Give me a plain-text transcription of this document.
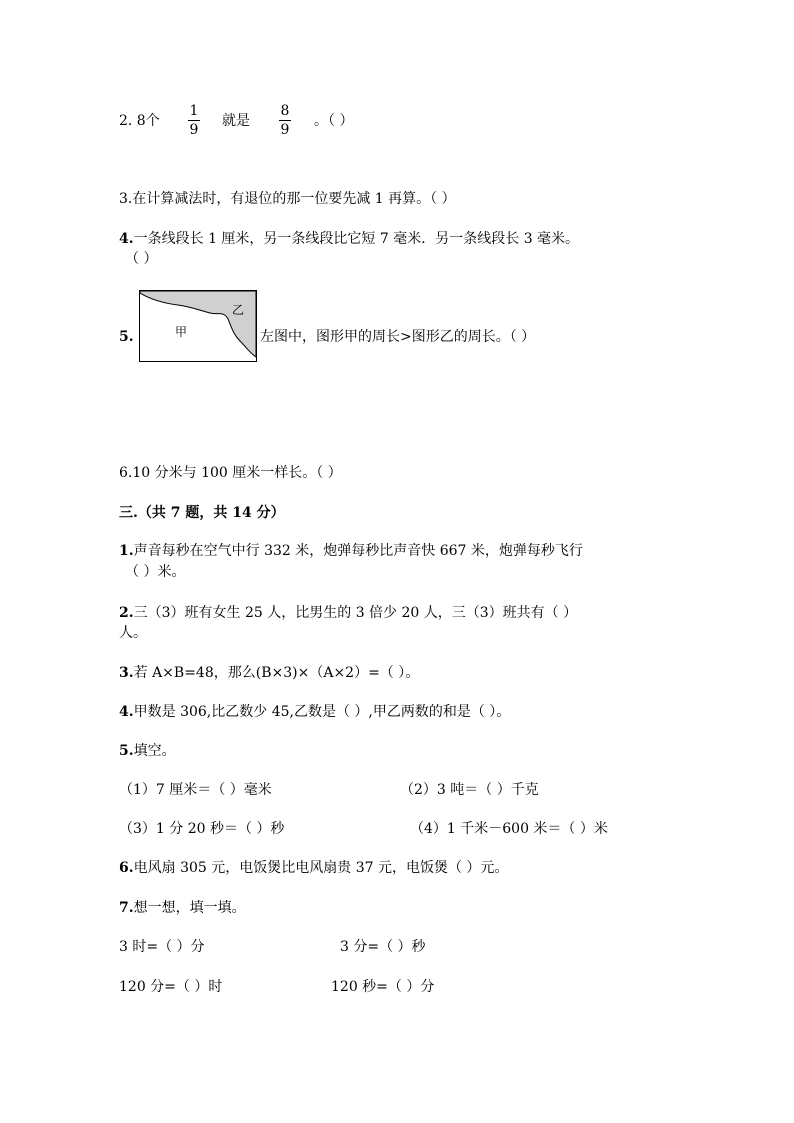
2. 8个
1
9
就是
8
9
。（ ）
3.在计算减法时，有退位的那一位要先减 1 再算。（ ）
4.一条线段长 1 厘米，另一条线段比它短 7 毫米．另一条线段长 3 毫米。
（ ）
5.	甲
乙
左图中，图形甲的周长>图形乙的周长。（ ）
6.10 分米与 100 厘米一样长。（ ）
三.（共 7 题，共 14 分）
1.声音每秒在空气中行 332 米，炮弹每秒比声音快 667 米，炮弹每秒飞行
（ ）米。
2.三（3）班有女生 25 人，比男生的 3 倍少 20 人，三（3）班共有（ ）
人。
3.若 A×B=48，那么(B×3)×（A×2）=（ ）。
4.甲数是 306,比乙数少 45,乙数是（ ）,甲乙两数的和是（ ）。
5.填空。
（1）7 厘米＝（ ）毫米	（2）3 吨＝（ ）千克
（3）1 分 20 秒＝（ ）秒	（4）1 千米－600 米＝（ ）米
6.电风扇 305 元，电饭煲比电风扇贵 37 元，电饭煲（ ）元。
7.想一想，填一填。
3 时=（ ）分	3 分=（ ）秒
120 分=（ ）时	120 秒=（ ）分
